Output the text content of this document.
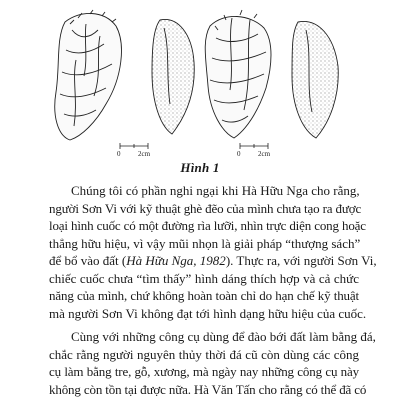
0	2cm	0	2cm
Hình 1

Chúng tôi có phần nghi ngại khi Hà Hữu Nga cho rằng,
người Sơn Vi với kỹ thuật ghè đẽo của mình chưa tạo ra được
loại hình cuốc có một đường rìa lưỡi, nhìn trực diện cong hoặc
thẳng hữu hiệu, vì vậy mũi nhọn là giải pháp “thượng sách”
để bổ vào đất (Hà Hữu Nga, 1982). Thực ra, với người Sơn Vi,
chiếc cuốc chưa “tìm thấy” hình dáng thích hợp và cả chức
năng của mình, chứ không hoàn toàn chỉ do hạn chế kỹ thuật
mà người Sơn Vi không đạt tới hình dạng hữu hiệu của cuốc.

Cùng với những công cụ dùng để đào bới đất làm bằng đá,
chắc rằng người nguyên thủy thời đá cũ còn dùng các công
cụ làm bằng tre, gỗ, xương, mà ngày nay những công cụ này
không còn tồn tại được nữa. Hà Văn Tấn cho rằng có thể đã có
